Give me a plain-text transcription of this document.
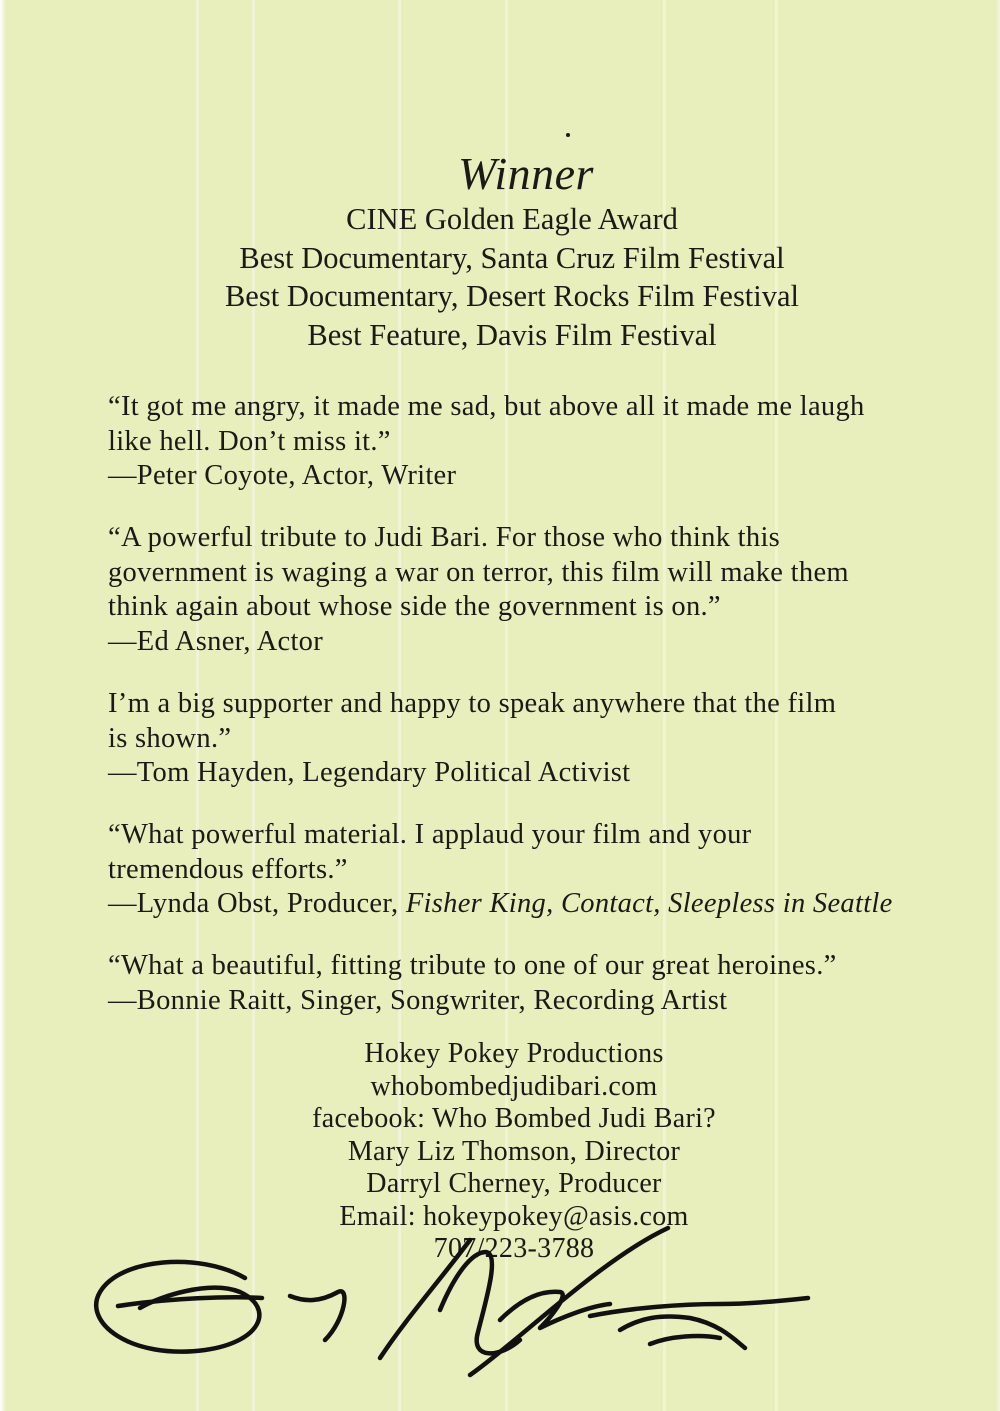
Winner
CINE Golden Eagle Award
Best Documentary, Santa Cruz Film Festival
Best Documentary, Desert Rocks Film Festival
Best Feature, Davis Film Festival

“It got me angry, it made me sad, but above all it made me laugh

like hell. Don’t miss it.”

—Peter Coyote, Actor, Writer

“A powerful tribute to Judi Bari. For those who think this

government is waging a war on terror, this film will make them

think again about whose side the government is on.”

—Ed Asner, Actor

I’m a big supporter and happy to speak anywhere that the film

is shown.”

—Tom Hayden, Legendary Political Activist

“What powerful material. I applaud your film and your

tremendous efforts.”

—Lynda Obst, Producer, Fisher King, Contact, Sleepless in Seattle

“What a beautiful, fitting tribute to one of our great heroines.”

—Bonnie Raitt, Singer, Songwriter, Recording Artist

Hokey Pokey Productions
whobombedjudibari.com
facebook: Who Bombed Judi Bari?
Mary Liz Thomson, Director
Darryl Cherney, Producer
Email: hokeypokey@asis.com
707/223-3788
